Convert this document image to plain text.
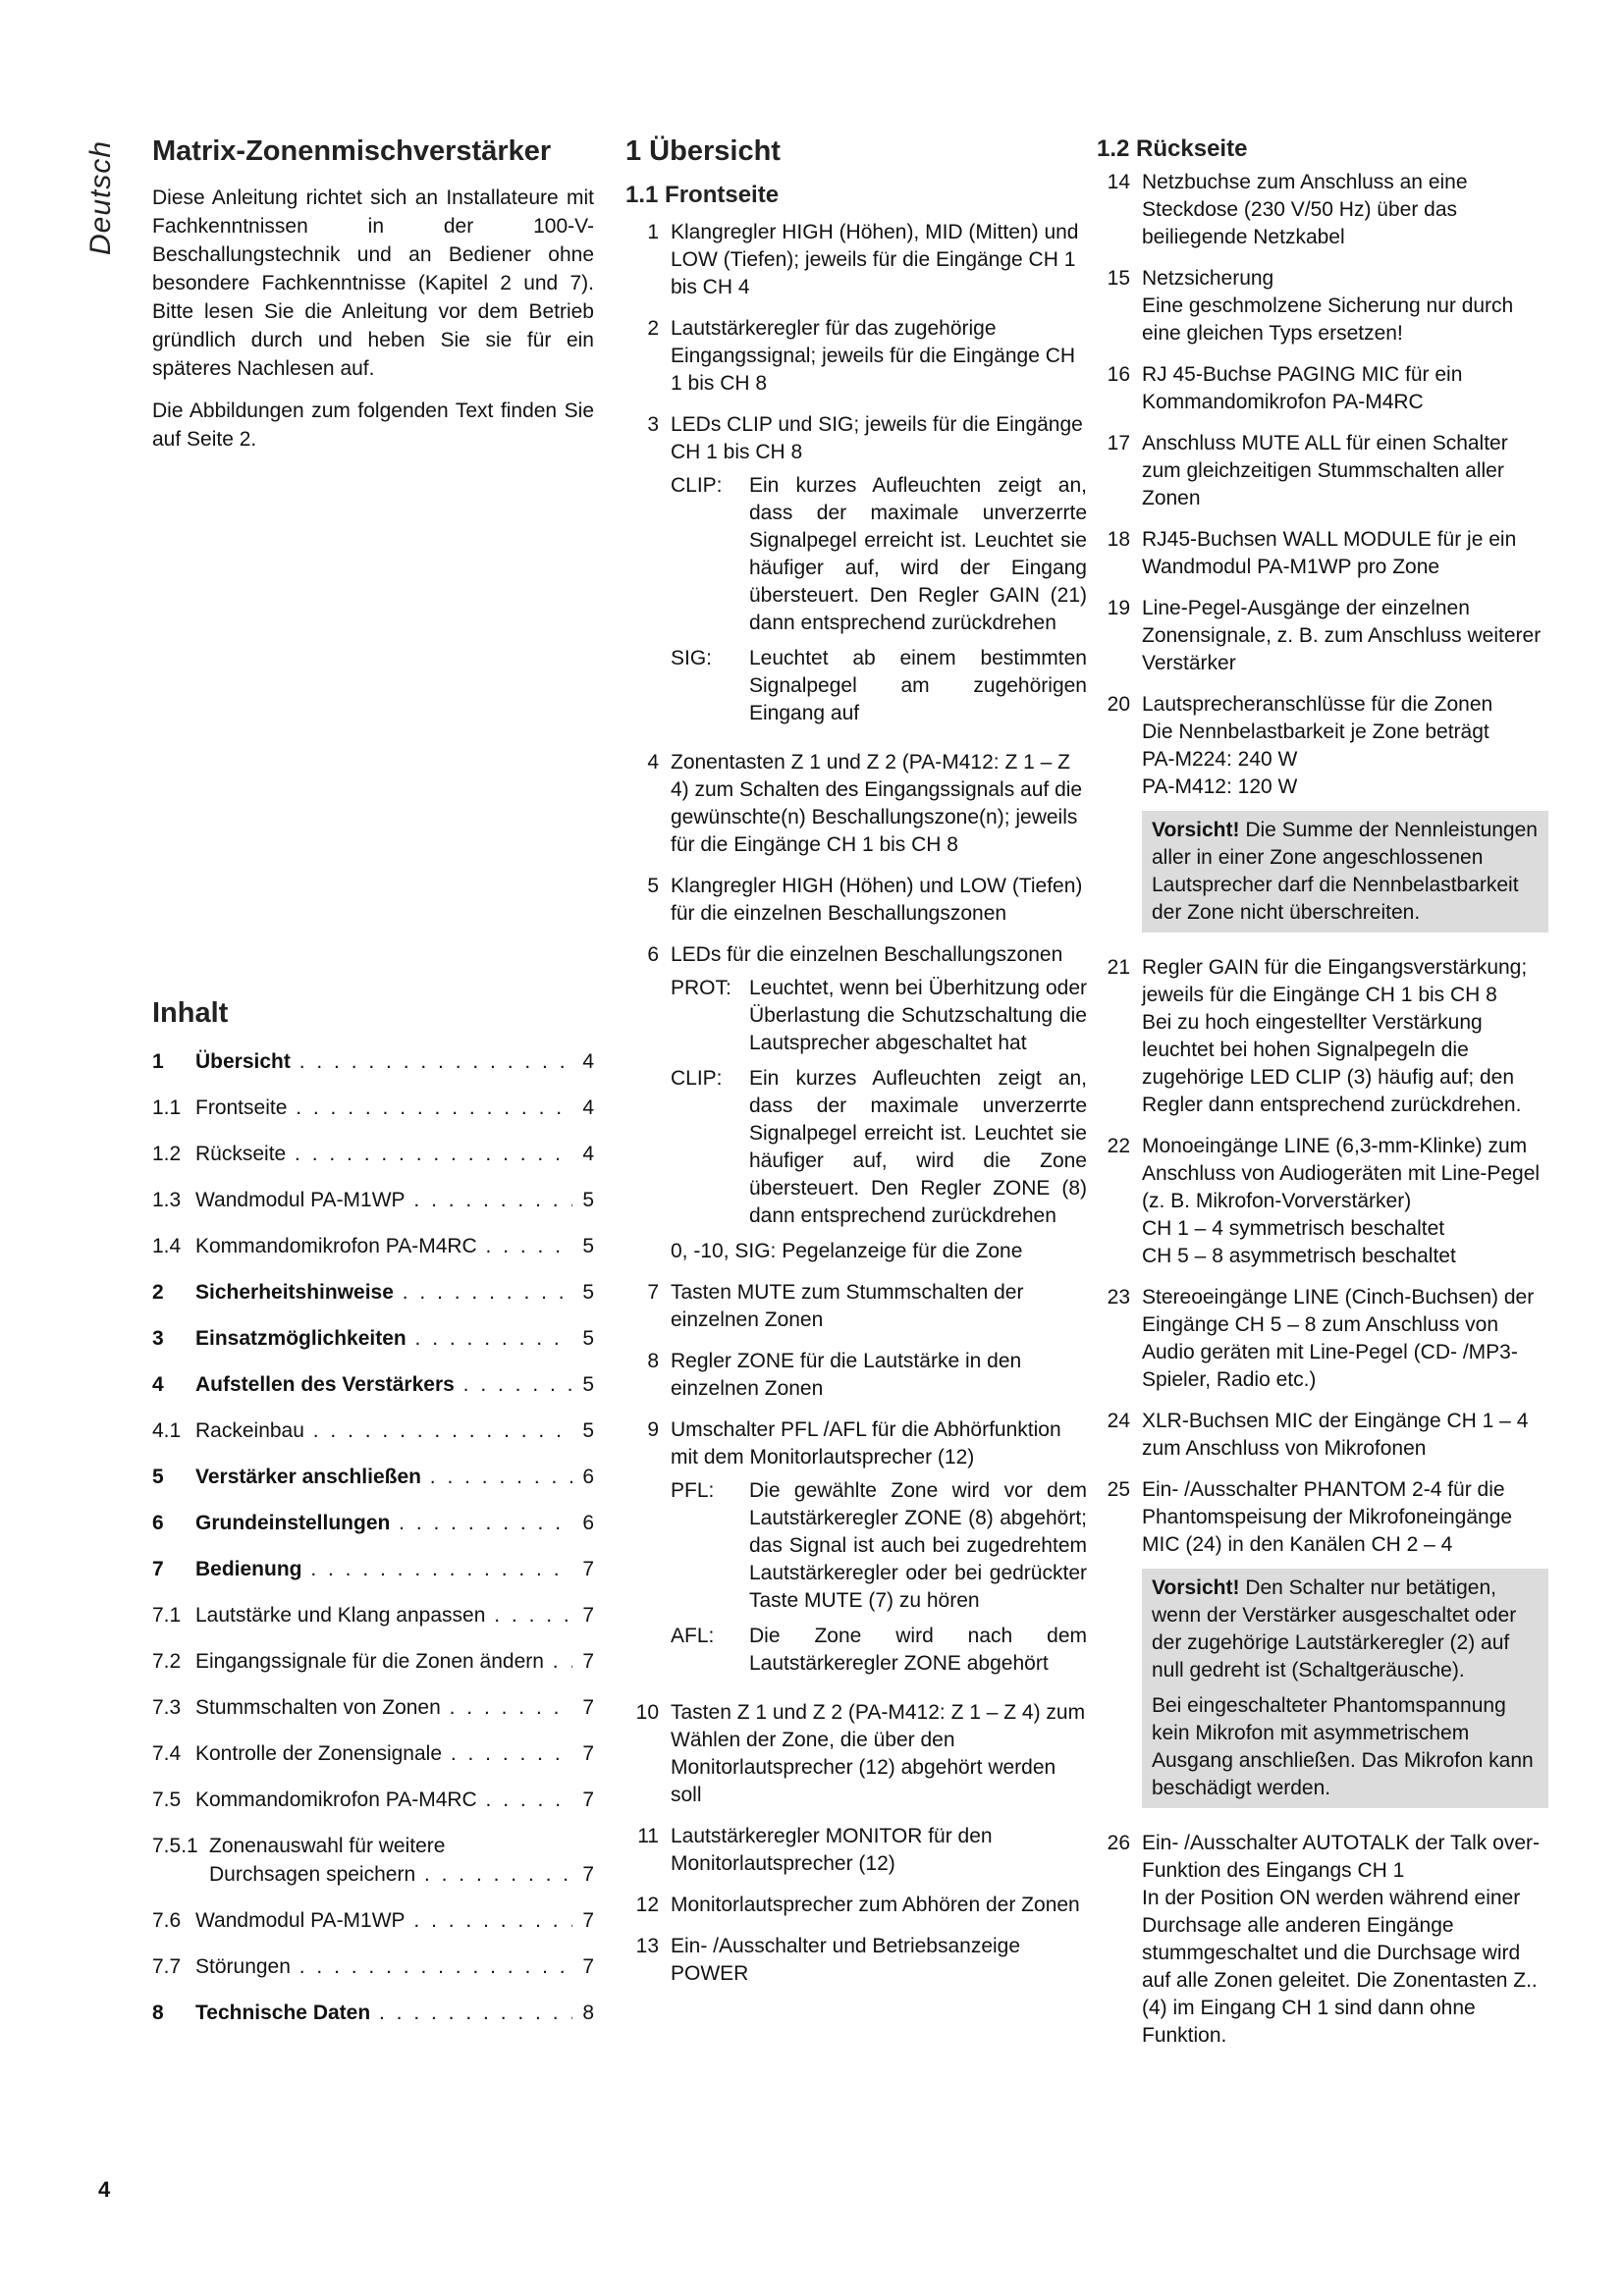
Deutsch Matrix-Zonenmischverstärker

Diese Anleitung richtet sich an Installateure mit Fachkenntnissen in der 100-V-Beschallungstechnik und an Bediener ohne besondere Fachkenntnisse (Kapitel 2 und 7). Bitte lesen Sie die Anleitung vor dem Betrieb gründlich durch und heben Sie sie für ein späteres Nachlesen auf.

Die Abbildungen zum folgenden Text finden Sie auf Seite 2.

Inhalt
1	Übersicht . . .	4
1.1 Frontseite . . .	4
1.2 Rückseite . . .	4
1.3 Wandmodul PA-M1WP . . .	5
1.4 Kommandomikrofon PA-M4RC . . .	5
2	Sicherheitshinweise . . .	5
3	Einsatzmöglichkeiten . . .	5
4	Aufstellen des Verstärkers . . .	5
4.1 Rackeinbau . . .	5
5	Verstärker anschließen . . .	6
6	Grundeinstellungen . . .	6
7	Bedienung . . .	7
7.1 Lautstärke und Klang anpassen . . .	7
7.2 Eingangssignale für die Zonen ändern . . .	7
7.3 Stummschalten von Zonen . . .	7
7.4 Kontrolle der Zonensignale . . .	7
7.5 Kommandomikrofon PA-M4RC . . .	7
7.5.1 Zonenauswahl für weitere
Durchsagen speichern . . .	7
7.6 Wandmodul PA-M1WP . . .	7
7.7 Störungen . . .	7
8	Technische Daten . . .	8
1 Übersicht
1.1 Frontseite
1 Klangregler HIGH (Höhen), MID (Mitten) und LOW (Tiefen); jeweils für die Eingänge CH 1 bis CH 4
2 Lautstärkeregler für das zugehörige Eingangssignal; jeweils für die Eingänge CH 1 bis CH 8
3 LEDs CLIP und SIG; jeweils für die Eingänge CH 1 bis CH 8
CLIP:	Ein kurzes Aufleuchten zeigt an, dass der maximale unverzerrte Signalpegel erreicht ist. Leuchtet sie häufiger auf, wird der Eingang übersteuert. Den Regler GAIN (21) dann entsprechend zurückdrehen
SIG:	Leuchtet ab einem bestimmten Signalpegel am zugehörigen Eingang auf
4 Zonentasten Z 1 und Z 2 (PA-M412: Z 1 – Z 4) zum Schalten des Eingangssignals auf die gewünschte(n) Beschallungszone(n); jeweils für die Eingänge CH 1 bis CH 8
5 Klangregler HIGH (Höhen) und LOW (Tiefen) für die einzelnen Beschallungszonen
6 LEDs für die einzelnen Beschallungszonen
PROT: Leuchtet, wenn bei Überhitzung oder Überlastung die Schutzschaltung die Lautsprecher abgeschaltet hat
CLIP:	Ein kurzes Aufleuchten zeigt an, dass der maximale unverzerrte Signalpegel erreicht ist. Leuchtet sie häufiger auf, wird die Zone übersteuert. Den Regler ZONE (8) dann entsprechend zurückdrehen
0, -10, SIG: Pegelanzeige für die Zone
7 Tasten MUTE zum Stummschalten der einzelnen Zonen
8 Regler ZONE für die Lautstärke in den einzelnen Zonen
9 Umschalter PFL /AFL für die Abhörfunktion mit dem Monitorlautsprecher (12)
PFL:	Die gewählte Zone wird vor dem Lautstärkeregler ZONE (8) abgehört; das Signal ist auch bei zugedrehtem Lautstärkeregler oder bei gedrückter Taste MUTE (7) zu hören
AFL:	Die Zone wird nach dem Lautstärkeregler ZONE abgehört
10 Tasten Z 1 und Z 2 (PA-M412: Z 1 – Z 4) zum Wählen der Zone, die über den Monitorlautsprecher (12) abgehört werden soll
11 Lautstärkeregler MONITOR für den Monitorlautsprecher (12)
12 Monitorlautsprecher zum Abhören der Zonen
13 Ein- /Ausschalter und Betriebsanzeige POWER
1.2 Rückseite
14 Netzbuchse zum Anschluss an eine Steckdose (230 V/50 Hz) über das beiliegende Netzkabel
15 Netzsicherung
Eine geschmolzene Sicherung nur durch eine gleichen Typs ersetzen!
16 RJ 45-Buchse PAGING MIC für ein Kommandomikrofon PA-M4RC
17 Anschluss MUTE ALL für einen Schalter zum gleichzeitigen Stummschalten aller Zonen
18 RJ45-Buchsen WALL MODULE für je ein Wandmodul PA-M1WP pro Zone
19 Line-Pegel-Ausgänge der einzelnen Zonensignale, z. B. zum Anschluss weiterer Verstärker
20 Lautsprecheranschlüsse für die Zonen
Die Nennbelastbarkeit je Zone beträgt
PA-M224: 240 W
PA-M412: 120 W
Vorsicht! Die Summe der Nennleistungen aller in einer Zone angeschlossenen Lautsprecher darf die Nennbelastbarkeit der Zone nicht überschreiten.
21 Regler GAIN für die Eingangsverstärkung; jeweils für die Eingänge CH 1 bis CH 8
Bei zu hoch eingestellter Verstärkung leuchtet bei hohen Signalpegeln die zugehörige LED CLIP (3) häufig auf; den Regler dann entsprechend zurückdrehen.
22 Monoeingänge LINE (6,3-mm-Klinke) zum Anschluss von Audiogeräten mit Line-Pegel (z. B. Mikrofon-Vorverstärker)
CH 1 – 4 symmetrisch beschaltet
CH 5 – 8 asymmetrisch beschaltet
23 Stereoeingänge LINE (Cinch-Buchsen) der Eingänge CH 5 – 8 zum Anschluss von Audio geräten mit Line-Pegel (CD- /MP3-Spieler, Radio etc.)
24 XLR-Buchsen MIC der Eingänge CH 1 – 4 zum Anschluss von Mikrofonen
25 Ein- /Ausschalter PHANTOM 2-4 für die Phantomspeisung der Mikrofoneingänge MIC (24) in den Kanälen CH 2 – 4
Vorsicht! Den Schalter nur betätigen, wenn der Verstärker ausgeschaltet oder der zugehörige Lautstärkeregler (2) auf null gedreht ist (Schaltgeräusche).
Bei eingeschalteter Phantomspannung kein Mikrofon mit asymmetrischem Ausgang anschließen. Das Mikrofon kann beschädigt werden.
26 Ein- /Ausschalter AUTOTALK der Talk over-Funktion des Eingangs CH 1
In der Position ON werden während einer Durchsage alle anderen Eingänge stummgeschaltet und die Durchsage wird auf alle Zonen geleitet. Die Zonentasten Z.. (4) im Eingang CH 1 sind dann ohne Funktion.
4
